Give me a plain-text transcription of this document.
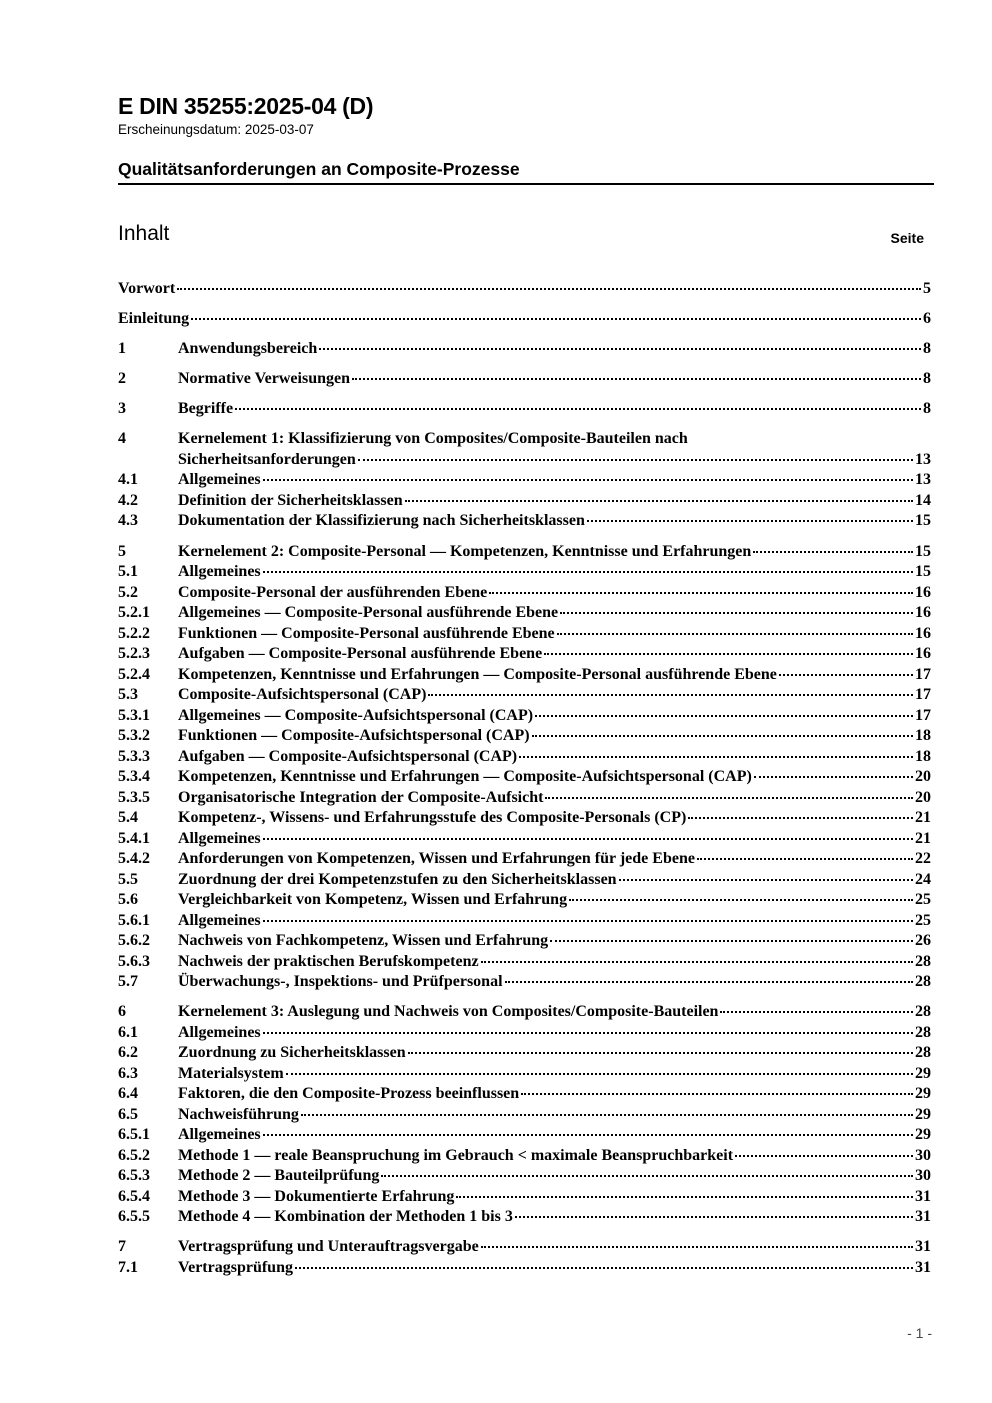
E DIN 35255:2025-04 (D)
Erscheinungsdatum: 2025-03-07
Qualitätsanforderungen an Composite-Prozesse
Inhalt	Seite
Vorwort	5
Einleitung	6
1	Anwendungsbereich	8
2	Normative Verweisungen	8
3	Begriffe	8
4	Kernelement 1: Klassifizierung von Composites/Composite-Bauteilen nach
Sicherheitsanforderungen	13
4.1	Allgemeines	13
4.2	Definition der Sicherheitsklassen	14
4.3	Dokumentation der Klassifizierung nach Sicherheitsklassen	15
5	Kernelement 2: Composite-Personal — Kompetenzen, Kenntnisse und Erfahrungen	15
5.1	Allgemeines	15
5.2	Composite-Personal der ausführenden Ebene	16
5.2.1	Allgemeines — Composite-Personal ausführende Ebene	16
5.2.2	Funktionen — Composite-Personal ausführende Ebene	16
5.2.3	Aufgaben — Composite-Personal ausführende Ebene	16
5.2.4	Kompetenzen, Kenntnisse und Erfahrungen — Composite-Personal ausführende Ebene	17
5.3	Composite-Aufsichtspersonal (CAP)	17
5.3.1	Allgemeines — Composite-Aufsichtspersonal (CAP)	17
5.3.2	Funktionen — Composite-Aufsichtspersonal (CAP)	18
5.3.3	Aufgaben — Composite-Aufsichtspersonal (CAP)	18
5.3.4	Kompetenzen, Kenntnisse und Erfahrungen — Composite-Aufsichtspersonal (CAP)	20
5.3.5	Organisatorische Integration der Composite-Aufsicht	20
5.4	Kompetenz-, Wissens- und Erfahrungsstufe des Composite-Personals (CP)	21
5.4.1	Allgemeines	21
5.4.2	Anforderungen von Kompetenzen, Wissen und Erfahrungen für jede Ebene	22
5.5	Zuordnung der drei Kompetenzstufen zu den Sicherheitsklassen	24
5.6	Vergleichbarkeit von Kompetenz, Wissen und Erfahrung	25
5.6.1	Allgemeines	25
5.6.2	Nachweis von Fachkompetenz, Wissen und Erfahrung	26
5.6.3	Nachweis der praktischen Berufskompetenz	28
5.7	Überwachungs-, Inspektions- und Prüfpersonal	28
6	Kernelement 3: Auslegung und Nachweis von Composites/Composite-Bauteilen	28
6.1	Allgemeines	28
6.2	Zuordnung zu Sicherheitsklassen	28
6.3	Materialsystem	29
6.4	Faktoren, die den Composite-Prozess beeinflussen	29
6.5	Nachweisführung	29
6.5.1	Allgemeines	29
6.5.2	Methode 1 — reale Beanspruchung im Gebrauch < maximale Beanspruchbarkeit	30
6.5.3	Methode 2 — Bauteilprüfung	30
6.5.4	Methode 3 — Dokumentierte Erfahrung	31
6.5.5	Methode 4 — Kombination der Methoden 1 bis 3	31
7	Vertragsprüfung und Unterauftragsvergabe	31
7.1	Vertragsprüfung	31
- 1 -
